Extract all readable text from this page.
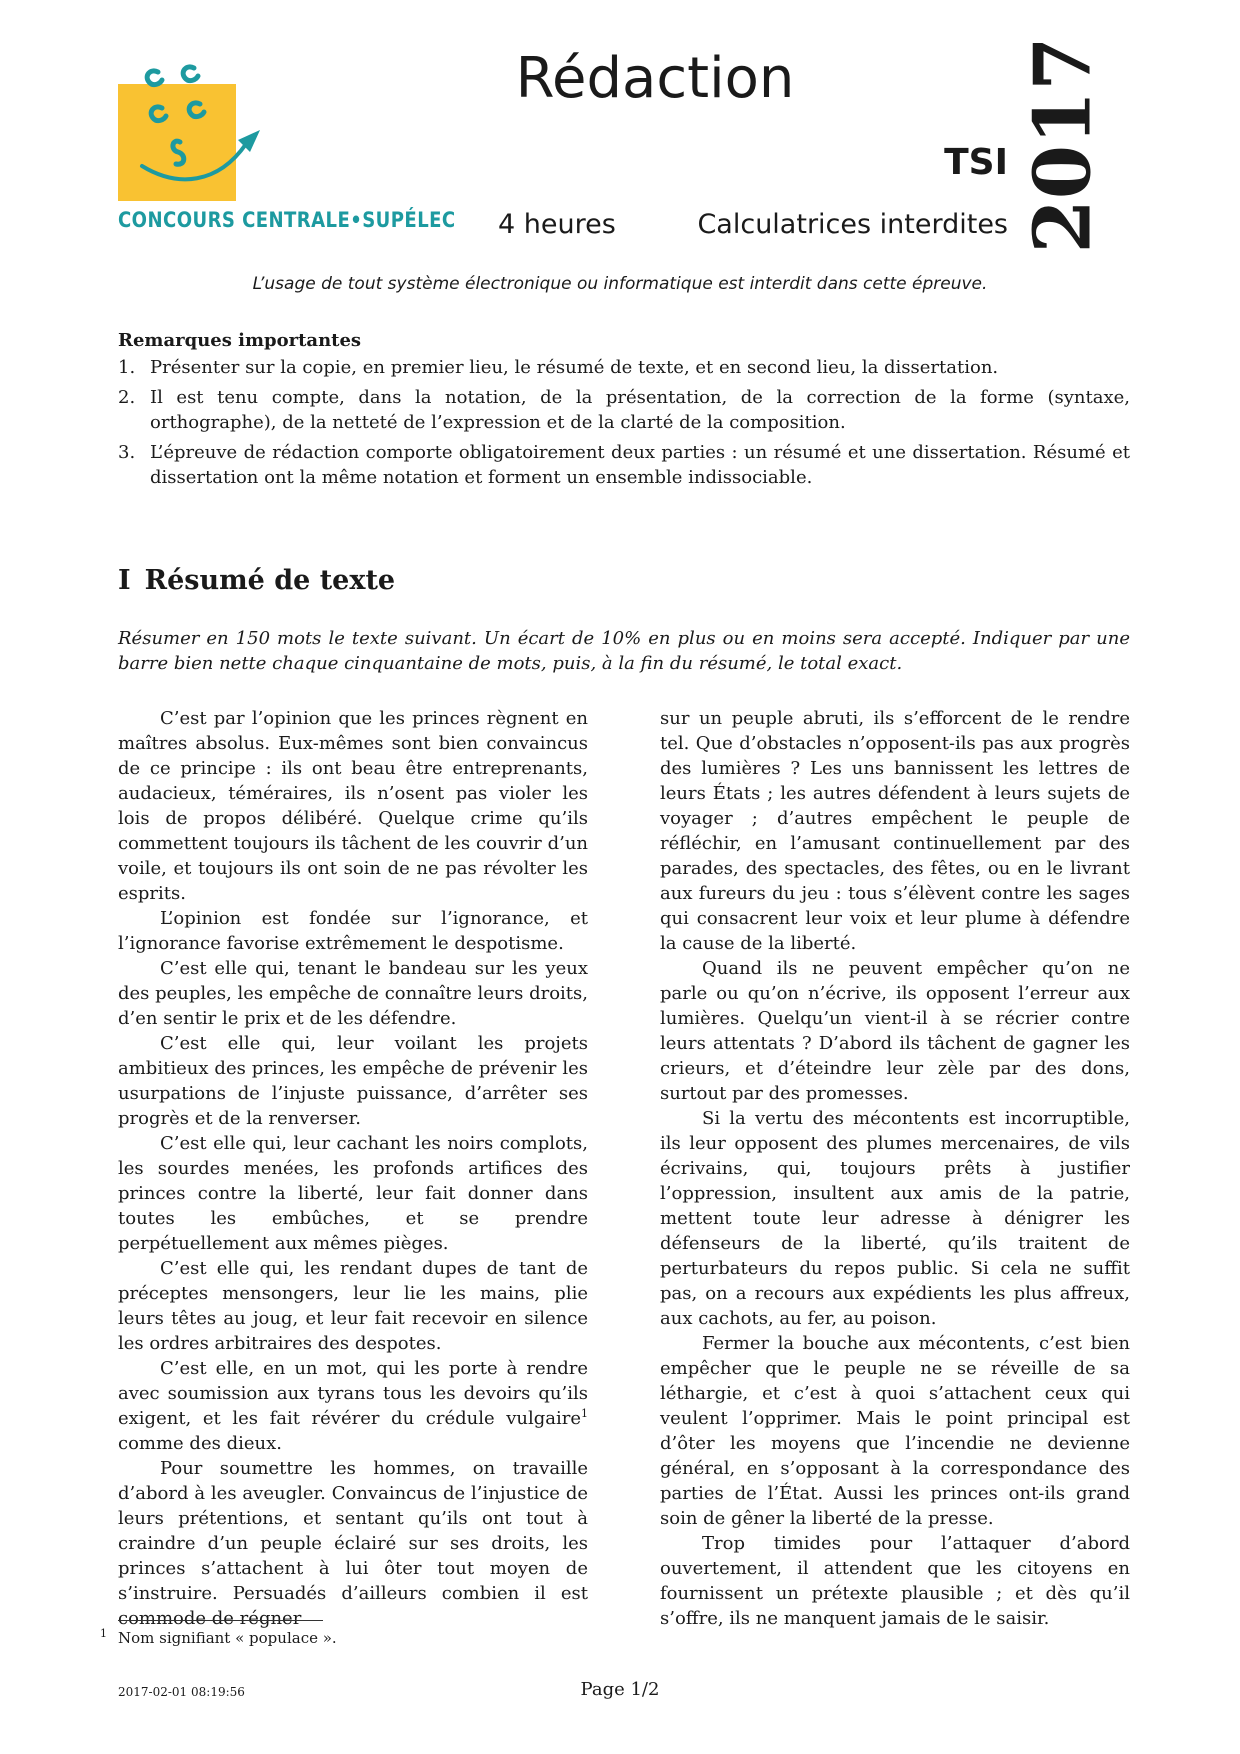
CONCOURS CENTRALE•SUPÉLEC
Rédaction
TSI
4 heures	Calculatrices interdites 2017
L’usage de tout système électronique ou informatique est interdit dans cette épreuve.
Remarques importantes
1. Présenter sur la copie, en premier lieu, le résumé de texte, et en second lieu, la dissertation.
2. Il est tenu compte, dans la notation, de la présentation, de la correction de la forme (syntaxe, orthographe), de la netteté de l’expression et de la clarté de la composition.
3. L’épreuve de rédaction comporte obligatoirement deux parties : un résumé et une dissertation. Résumé et dissertation ont la même notation et forment un ensemble indissociable.
I Résumé de texte
Résumer en 150 mots le texte suivant. Un écart de 10% en plus ou en moins sera accepté. Indiquer par une barre bien nette chaque cinquantaine de mots, puis, à la fin du résumé, le total exact.

C’est par l’opinion que les princes règnent en maîtres absolus. Eux-mêmes sont bien convaincus de ce principe : ils ont beau être entreprenants, audacieux, téméraires, ils n’osent pas violer les lois de propos délibéré. Quelque crime qu’ils commettent toujours ils tâchent de les couvrir d’un voile, et toujours ils ont soin de ne pas révolter les esprits.

L’opinion est fondée sur l’ignorance, et l’ignorance favorise extrêmement le despotisme.

C’est elle qui, tenant le bandeau sur les yeux des peuples, les empêche de connaître leurs droits, d’en sentir le prix et de les défendre.

C’est elle qui, leur voilant les projets ambitieux des princes, les empêche de prévenir les usurpations de l’injuste puissance, d’arrêter ses progrès et de la renverser.

C’est elle qui, leur cachant les noirs complots, les sourdes menées, les profonds artifices des princes contre la liberté, leur fait donner dans toutes les embûches, et se prendre perpétuellement aux mêmes pièges.

C’est elle qui, les rendant dupes de tant de préceptes mensongers, leur lie les mains, plie leurs têtes au joug, et leur fait recevoir en silence les ordres arbitraires des despotes.

C’est elle, en un mot, qui les porte à rendre avec soumission aux tyrans tous les devoirs qu’ils exigent, et les fait révérer du crédule vulgaire$^1$ comme des dieux.

Pour soumettre les hommes, on travaille d’abord à les aveugler. Convaincus de l’injustice de leurs prétentions, et sentant qu’ils ont tout à craindre d’un peuple éclairé sur ses droits, les princes s’attachent à lui ôter tout moyen de s’instruire. Persuadés d’ailleurs combien il est commode de régner

sur un peuple abruti, ils s’efforcent de le rendre tel. Que d’obstacles n’opposent-ils pas aux progrès des lumières ? Les uns bannissent les lettres de leurs États ; les autres défendent à leurs sujets de voyager ; d’autres empêchent le peuple de réfléchir, en l’amusant continuellement par des parades, des spectacles, des fêtes, ou en le livrant aux fureurs du jeu : tous s’élèvent contre les sages qui consacrent leur voix et leur plume à défendre la cause de la liberté.

Quand ils ne peuvent empêcher qu’on ne parle ou qu’on n’écrive, ils opposent l’erreur aux lumières. Quelqu’un vient-il à se récrier contre leurs attentats ? D’abord ils tâchent de gagner les crieurs, et d’éteindre leur zèle par des dons, surtout par des promesses.

Si la vertu des mécontents est incorruptible, ils leur opposent des plumes mercenaires, de vils écrivains, qui, toujours prêts à justifier l’oppression, insultent aux amis de la patrie, mettent toute leur adresse à dénigrer les défenseurs de la liberté, qu’ils traitent de perturbateurs du repos public. Si cela ne suffit pas, on a recours aux expédients les plus affreux, aux cachots, au fer, au poison.

Fermer la bouche aux mécontents, c’est bien empêcher que le peuple ne se réveille de sa léthargie, et c’est à quoi s’attachent ceux qui veulent l’opprimer. Mais le point principal est d’ôter les moyens que l’incendie ne devienne général, en s’opposant à la correspondance des parties de l’État. Aussi les princes ont-ils grand soin de gêner la liberté de la presse.

Trop timides pour l’attaquer d’abord ouvertement, il attendent que les citoyens en fournissent un prétexte plausible ; et dès qu’il s’offre, ils ne manquent jamais de le saisir.

1 Nom signifiant « populace ».
2017-02-01 08:19:56	Page 1/2
